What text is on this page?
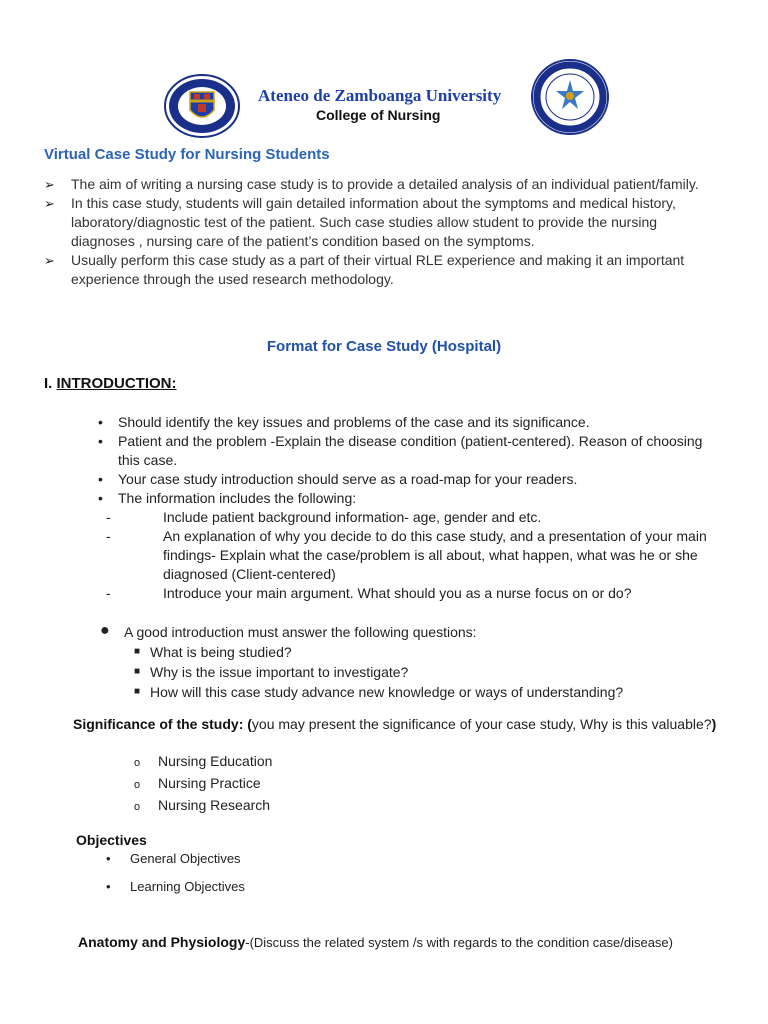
Ateneo de Zamboanga University
College of Nursing
Virtual Case Study for Nursing Students
➢ The aim of writing a nursing case study is to provide a detailed analysis of an individual patient/family.
➢ In this case study, students will gain detailed information about the symptoms and medical history, laboratory/diagnostic test of the patient. Such case studies allow student to provide the nursing diagnoses , nursing care of the patient’s condition based on the symptoms.
➢ Usually perform this case study as a part of their virtual RLE experience and making it an important experience through the used research methodology.
Format for Case Study (Hospital)
I. INTRODUCTION:
• Should identify the key issues and problems of the case and its significance.
• Patient and the problem -Explain the disease condition (patient-centered). Reason of choosing this case.
• Your case study introduction should serve as a road-map for your readers.
• The information includes the following:
-	Include patient background information- age, gender and etc.
-	An explanation of why you decide to do this case study, and a presentation of your main findings- Explain what the case/problem is all about, what happen, what was he or she diagnosed (Client-centered)
-	Introduce your main argument. What should you as a nurse focus on or do?
● A good introduction must answer the following questions:
■ What is being studied?
■ Why is the issue important to investigate?
■ How will this case study advance new knowledge or ways of understanding?
Significance of the study: (you may present the significance of your case study, Why is this valuable?)
o Nursing Education
o Nursing Practice
o Nursing Research
Objectives
• General Objectives
• Learning Objectives
Anatomy and Physiology-(Discuss the related system /s with regards to the condition case/disease)
